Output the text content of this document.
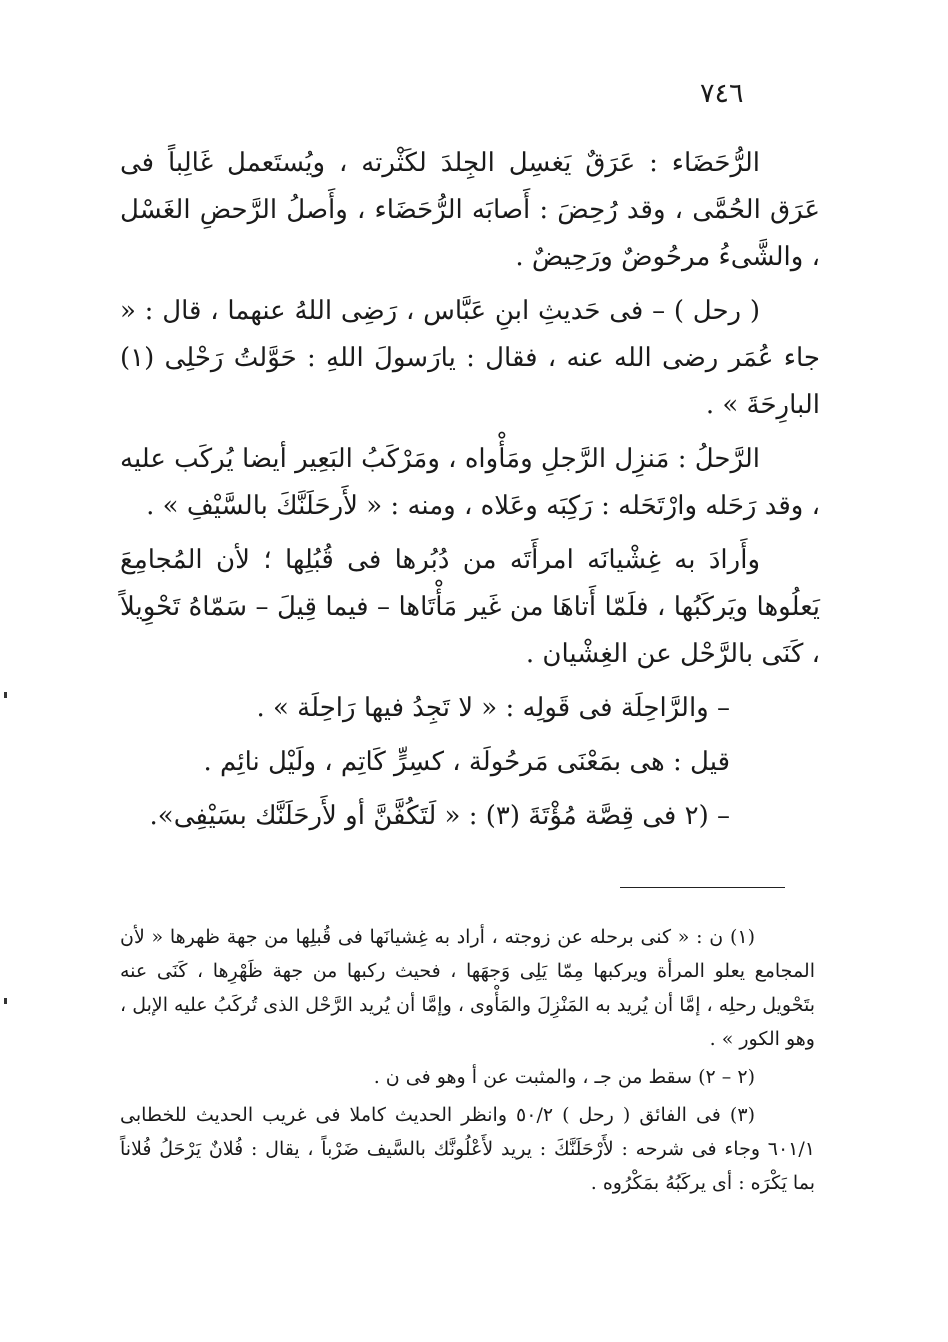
٧٤٦

الرُّحَضَاء : عَرَقٌ يَغسِل الجِلدَ لكَثْرته ، ويُستَعمل غَالِباً فى عَرَق الحُمَّى ، وقد رُحِضَ : أَصابَه الرُّحَضَاء ، وأَصلُ الرَّحضِ الغَسْل ، والشَّىءُ مرحُوضٌ ورَحِيضٌ .

( رحل ) – فى حَديثِ ابنِ عَبَّاس ، رَضِى اللهُ عنهما ، قال : « جاء عُمَر رضى الله عنه ، فقال : يارَسولَ اللهِ : حَوَّلتُ رَحْلِى (١) البارِحَةَ » .

الرَّحلُ : مَنزِل الرَّجلِ ومَأْواه ، ومَرْكَبُ البَعِير أيضا يُركَب عليه ، وقد رَحَله وارْتَحَله : رَكِبَه وعَلاه ، ومنه : « لأَرحَلَنَّكَ بالسَّيْفِ » .

وأَرادَ به غِشْيانَه امرأَتَه من دُبُرها فى قُبُلِها ؛ لأن المُجامِعَ يَعلُوها ويَركَبُها ، فلَمّا أَتاهَا من غَير مَأْتَاها – فيما قِيلَ – سَمّاهُ تَحْوِيلاً ، كَنَى بالرَّحْل عن الغِشْيان .

– والرَّاحِلَة فى قَولِه : « لا تَجِدُ فيها رَاحِلَة » .

قيل : هى بمَعْنَى مَرحُولَة ، كسِرٍّ كَاتِم ، ولَيْل نائِم .

– (٢ فى قِصَّة مُؤْتَةَ (٣) : « لَتَكُفَّنَّ أو لأَرحَلَنَّك بسَيْفِى».

(١) ن : « كنى برحله عن زوجته ، أراد به غِشيانَها فى قُبلِها من جهة ظهرها « لأن المجامع يعلو المرأة ويركبها مِمّا يَلِى وَجهَها ، فحيث ركبها من جهة ظَهْرِها ، كَنَى عنه بتَحْويل رحلِه ، إمَّا أن يُريد به المَنْزِلَ والمَأْوى ، وإمَّا أن يُريد الرَّحْل الذى تُركَبُ عليه الإبل ، وهو الكور » .

(٢ – ٢) سقط من جـ ، والمثبت عن أ وهو فى ن .

(٣) فى الفائق ( رحل ) ٥٠/٢ وانظر الحديث كاملا فى غريب الحديث للخطابى ٦٠١/١ وجاء فى شرحه : لأَرْحَلَنَّكَ : يريد لأَعْلُونَّك بالسَّيف ضَرْباً ، يقال : فُلانٌ يَرْحَلُ فُلاناً بما يَكْرَه : أى يركَبُهُ بمَكْرُوه .
